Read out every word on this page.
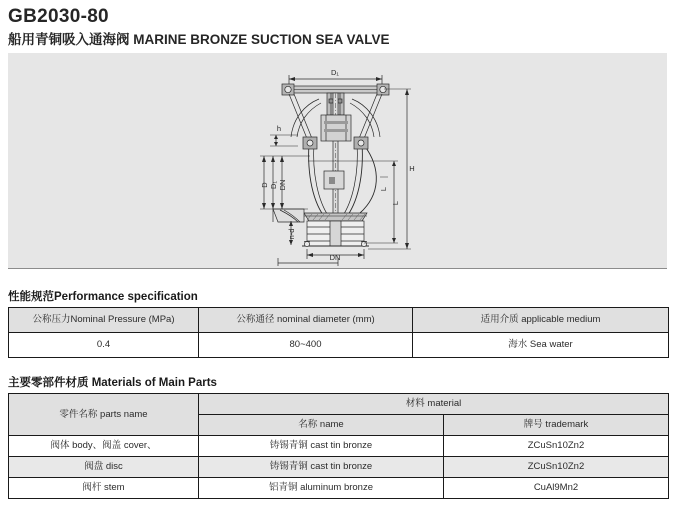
GB2030-80
船用青铜吸入通海阀 MARINE BRONZE SUCTION SEA VALVE
D₁
H
h
DN
D D₁ DN
n-d
L
L
性能规范Performance specification
公称压力Nominal Pressure (MPa)	公称通径 nominal diameter (mm)	适用介质 applicable medium
0.4	80~400	海水 Sea water
主要零部件材质 Materials of Main Parts
零件名称 parts name	材料 material	
	名称 name	牌号 trademark
阀体 body、阀盖 cover、	铸锡青铜 cast tin bronze	ZCuSn10Zn2
阀盘 disc	铸锡青铜 cast tin bronze	ZCuSn10Zn2
阀杆 stem	铝青铜 aluminum bronze	CuAl9Mn2
